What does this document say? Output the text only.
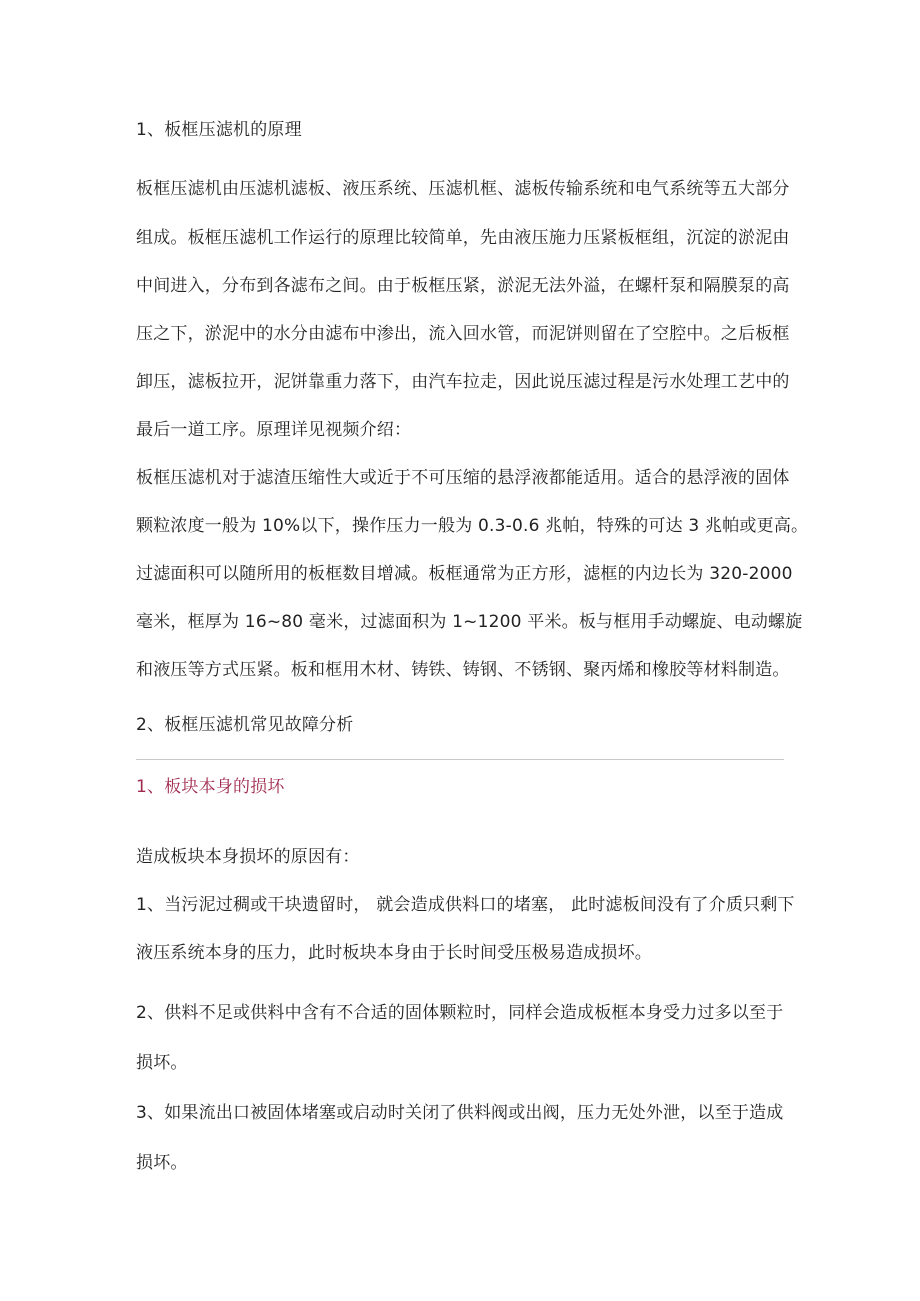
1、板框压滤机的原理
板框压滤机由压滤机滤板、液压系统、压滤机框、滤板传输系统和电气系统等五大部分
组成。板框压滤机工作运行的原理比较简单，先由液压施力压紧板框组，沉淀的淤泥由
中间进入，分布到各滤布之间。由于板框压紧，淤泥无法外溢，在螺杆泵和隔膜泵的高
压之下，淤泥中的水分由滤布中渗出，流入回水管，而泥饼则留在了空腔中。之后板框
卸压，滤板拉开，泥饼靠重力落下，由汽车拉走，因此说压滤过程是污水处理工艺中的
最后一道工序。原理详见视频介绍：
板框压滤机对于滤渣压缩性大或近于不可压缩的悬浮液都能适用。适合的悬浮液的固体
颗粒浓度一般为 10%以下，操作压力一般为 0.3-0.6 兆帕，特殊的可达 3 兆帕或更高。
过滤面积可以随所用的板框数目增减。板框通常为正方形，滤框的内边长为 320-2000
毫米，框厚为 16~80 毫米，过滤面积为 1~1200 平米。板与框用手动螺旋、电动螺旋
和液压等方式压紧。板和框用木材、铸铁、铸钢、不锈钢、聚丙烯和橡胶等材料制造。
2、板框压滤机常见故障分析
1、板块本身的损坏
造成板块本身损坏的原因有：
1、当污泥过稠或干块遗留时， 就会造成供料口的堵塞， 此时滤板间没有了介质只剩下
液压系统本身的压力，此时板块本身由于长时间受压极易造成损坏。
2、供料不足或供料中含有不合适的固体颗粒时，同样会造成板框本身受力过多以至于
损坏。
3、如果流出口被固体堵塞或启动时关闭了供料阀或出阀，压力无处外泄，以至于造成
损坏。
